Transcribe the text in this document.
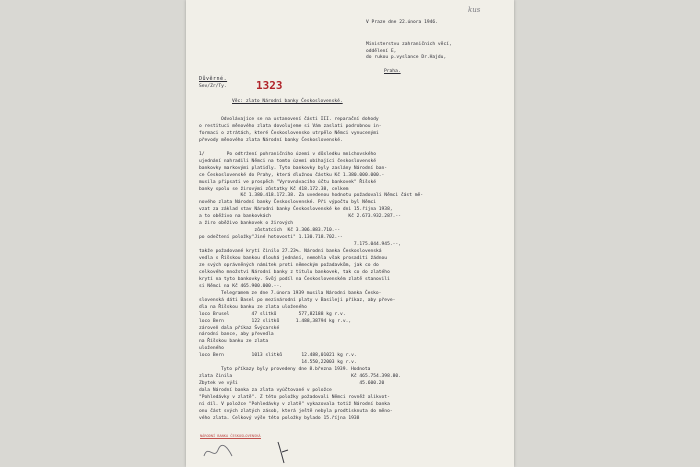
kus
V Praze dne 22.února 1946.
Ministerstvu zahraničních věcí,
oddělení E,
do rukou p.vyslance Dr.Hajdu,
Praha.
Důvěrné.
Sev/Zr/Ty.	1323
Věc: zlato Národní banky Československé.
Odvolávajíce se na ustanovení části III. reparační dohody
o restituci měnového zlata dovolujeme si Vám zaslati podrobnou in-
formaci o ztrátách, které Československo utrpělo Němci vynucenými
převody měnového zlata Národní banky Československé.
1/        Po odtržení pohraničního území v důsledku mnichovského
ujednání nahradili Němci na tomto území obíhající československé
bankovky markovými platidly. Tyto bankovky byly zaslány Národní ban-
ce Československé do Prahy, která dlužnou částku Kč 1.380.000.000.-
musila připsati ve prospěch "Vyrovnávacího účtu bankovek" Říšské
banky spolu se žirovými zůstatky Kč 418.172.38, celkem
Kč 1.380.418.172.38. Za uvedenou hodnotu požadovali Němci část mě-
nového zlata Národní banky Československé. Při výpočtu byl Němci
vzat za základ stav Národní banky Československé ke dni 15.října 1938,
a to oběživo na bankovkách                            Kč 2.673.932.287.--
a žiro oběživo bankovek o žirových
zůstatcích  Kč 3.306.883.710.--
po odečtení položky"Jiné hotovosti" 1.130.718.702.--
7.175.044.945.--,
takže požadované krytí činilo 27.23%. Národní banka Československá
vedla s Říšskou bankou dlouhá jednání, nemohla však prosaditi žádnou
ze svých oprávněných námitek proti německým požadavkům, jak co do
celkového množství Národní banky z titulu bankovek, tak co do zlatého
krytí na tyto bankovky. Svůj podíl na Československém zlatě stanovili
si Němci na Kč 465.900.000.--.
Telegramem ze dne 7.února 1939 musila Národní banka Česko-
slovenská dáti Basel po mezinárodní platy v Basileji příkaz, aby převe-
dla na Říšskou banku ze zlata uloženého
loco Brusel        47 slitků        577,82188 kg r.v.
loco Bern          122 slitků      1.488,38794 kg r.v.,
zároveň dala příkaz Švýcarské
národní bance, aby převedla
na Říšskou banku ze zlata
uloženého
loco Bern          1013 slitků       12.488,01021 kg r.v.
14.550,22003 kg r.v.
Tyto příkazy byly provedeny dne 8.března 1939. Hodnota
zlata činila                                           Kč 465.754.398.80.
Zbytek ve výši                                            45.600.20
dala Národní banka za zlata vyúčtované v položce
"Pohledávky v zlatě". Z této položky požadovali Němci rovněž alikvot-
ní díl. V položce "Pohledávky v zlatě" vykazovala totiž Národní banka
onu část svých zlatých zásob, která ještě nebyla prodtisknuta do měno-
vého zlata. Celkový výše této položky bylado 15.října 1938
NÁRODNÍ BANKA ČESKOSLOVENSKÁ
